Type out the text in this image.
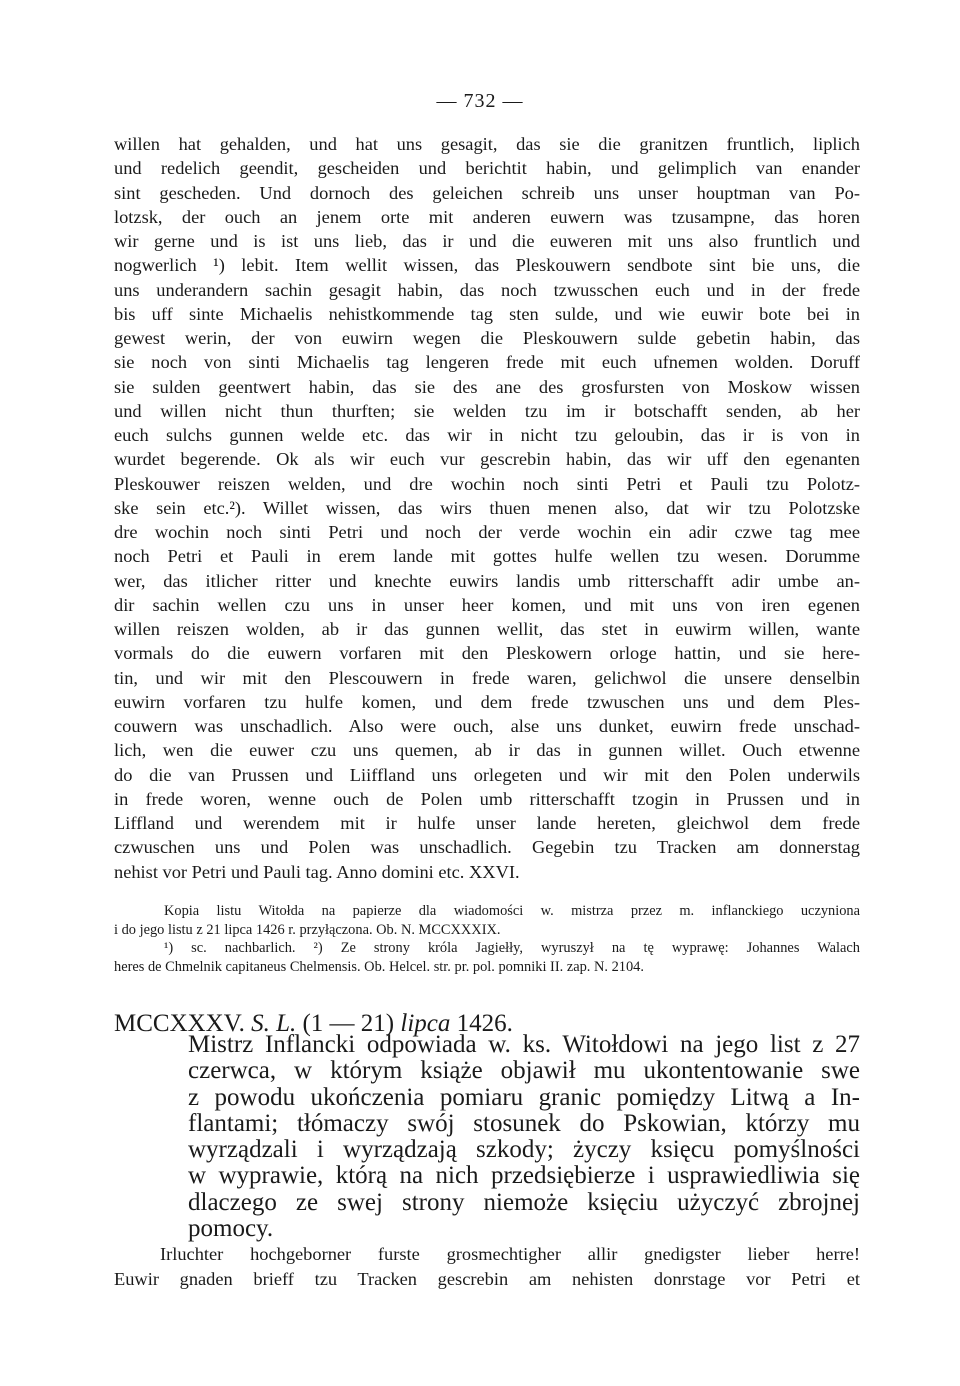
— 732 —
willen hat gehalden, und hat uns gesagit, das sie die granitzen fruntlich, liplich
und redelich geendit, gescheiden und berichtit habin, und gelimplich van enander
sint gescheden. Und dornoch des geleichen schreib uns unser houptman van Po-
lotzsk, der ouch an jenem orte mit anderen euwern was tzusampne, das horen
wir gerne und is ist uns lieb, das ir und die euweren mit uns also fruntlich und
nogwerlich ¹) lebit. Item wellit wissen, das Pleskouwern sendbote sint bie uns, die
uns underandern sachin gesagit habin, das noch tzwusschen euch und in der frede
bis uff sinte Michaelis nehistkommende tag sten sulde, und wie euwir bote bei in
gewest werin, der von euwirn wegen die Pleskouwern sulde gebetin habin, das
sie noch von sinti Michaelis tag lengeren frede mit euch ufnemen wolden. Doruff
sie sulden geentwert habin, das sie des ane des grosfursten von Moskow wissen
und willen nicht thun thurften; sie welden tzu im ir botschafft senden, ab her
euch sulchs gunnen welde etc. das wir in nicht tzu geloubin, das ir is von in
wurdet begerende. Ok als wir euch vur gescrebin habin, das wir uff den egenanten
Pleskouwer reiszen welden, und dre wochin noch sinti Petri et Pauli tzu Polotz-
ske sein etc.²). Willet wissen, das wirs thuen menen also, dat wir tzu Polotzske
dre wochin noch sinti Petri und noch der verde wochin ein adir czwe tag mee
noch Petri et Pauli in erem lande mit gottes hulfe wellen tzu wesen. Dorumme
wer, das itlicher ritter und knechte euwirs landis umb ritterschafft adir umbe an-
dir sachin wellen czu uns in unser heer komen, und mit uns von iren egenen
willen reiszen wolden, ab ir das gunnen wellit, das stet in euwirm willen, wante
vormals do die euwern vorfaren mit den Pleskowern orloge hattin, und sie here-
tin, und wir mit den Plescouwern in frede waren, gelichwol die unsere denselbin
euwirn vorfaren tzu hulfe komen, und dem frede tzwuschen uns und dem Ples-
couwern was unschadlich. Also were ouch, alse uns dunket, euwirn frede unschad-
lich, wen die euwer czu uns quemen, ab ir das in gunnen willet. Ouch etwenne
do die van Prussen und Liiffland uns orlegeten und wir mit den Polen underwils
in frede woren, wenne ouch de Polen umb ritterschafft tzogin in Prussen und in
Liffland und werendem mit ir hulfe unser lande hereten, gleichwol dem frede
czwuschen uns und Polen was unschadlich. Gegebin tzu Tracken am donnerstag
nehist vor Petri und Pauli tag. Anno domini etc. XXVI.
Kopia listu Witołda na papierze dla wiadomości w. mistrza przez m. inflanckiego uczyniona
i do jego listu z 21 lipca 1426 r. przyłączona. Ob. N. MCCXXXIX.
¹) sc. nachbarlich. ²) Ze strony króla Jagiełły, wyruszył na tę wyprawę: Johannes Walach
heres de Chmelnik capitaneus Chelmensis. Ob. Helcel. str. pr. pol. pomniki II. zap. N. 2104.
MCCXXXV. S. L. (1 — 21) lipca 1426.
Mistrz Inflancki odpowiada w. ks. Witołdowi na jego list z 27
czerwca, w którym książe objawił mu ukontentowanie swe
z powodu ukończenia pomiaru granic pomiędzy Litwą a In-
flantami; tłómaczy swój stosunek do Pskowian, którzy mu
wyrządzali i wyrządzają szkody; życzy księcu pomyślności
w wyprawie, którą na nich przedsiębierze i usprawiedliwia się
dlaczego ze swej strony niemoże księciu użyczyć zbrojnej
pomocy.
Irluchter hochgeborner furste grosmechtigher allir gnedigster lieber herre!
Euwir gnaden brieff tzu Tracken gescrebin am nehisten donrstage vor Petri et
